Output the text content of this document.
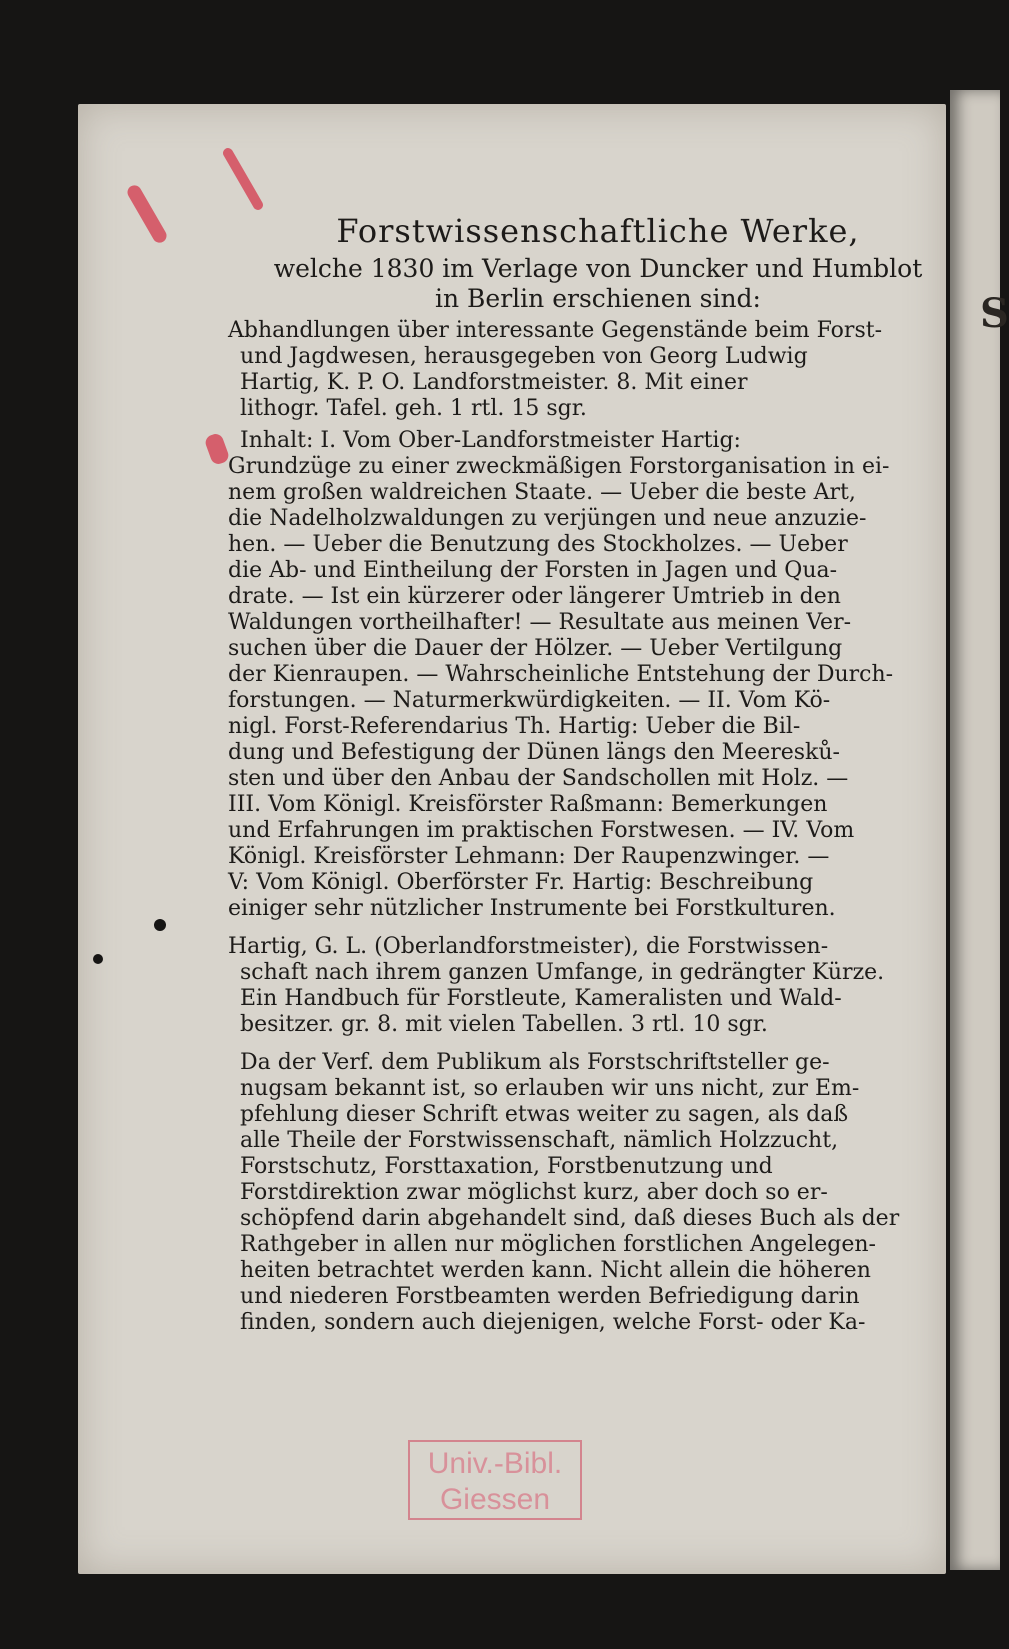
S
Forstwissenschaftliche Werke,
welche 1830 im Verlage von Duncker und Humblot
in Berlin erschienen sind:
Abhandlungen über interessante Gegenstände beim Forst-
und Jagdwesen, herausgegeben von Georg Ludwig
Hartig, K. P. O. Landforstmeister. 8. Mit einer
lithogr. Tafel. geh. 1 rtl. 15 sgr.
Inhalt: I. Vom Ober-Landforstmeister Hartig:
Grundzüge zu einer zweckmäßigen Forstorganisation in ei-
nem großen waldreichen Staate. — Ueber die beste Art,
die Nadelholzwaldungen zu verjüngen und neue anzuzie-
hen. — Ueber die Benutzung des Stockholzes. — Ueber
die Ab- und Eintheilung der Forsten in Jagen und Qua-
drate. — Ist ein kürzerer oder längerer Umtrieb in den
Waldungen vortheilhafter! — Resultate aus meinen Ver-
suchen über die Dauer der Hölzer. — Ueber Vertilgung
der Kienraupen. — Wahrscheinliche Entstehung der Durch-
forstungen. — Naturmerkwürdigkeiten. — II. Vom Kö-
nigl. Forst-Referendarius Th. Hartig: Ueber die Bil-
dung und Befestigung der Dünen längs den Meeresků-
sten und über den Anbau der Sandschollen mit Holz. —
III. Vom Königl. Kreisförster Raßmann: Bemerkungen
und Erfahrungen im praktischen Forstwesen. — IV. Vom
Königl. Kreisförster Lehmann: Der Raupenzwinger. —
V: Vom Königl. Oberförster Fr. Hartig: Beschreibung
einiger sehr nützlicher Instrumente bei Forstkulturen.
Hartig, G. L. (Oberlandforstmeister), die Forstwissen-
schaft nach ihrem ganzen Umfange, in gedrängter Kürze.
Ein Handbuch für Forstleute, Kameralisten und Wald-
besitzer. gr. 8. mit vielen Tabellen. 3 rtl. 10 sgr.
Da der Verf. dem Publikum als Forstschriftsteller ge-
nugsam bekannt ist, so erlauben wir uns nicht, zur Em-
pfehlung dieser Schrift etwas weiter zu sagen, als daß
alle Theile der Forstwissenschaft, nämlich Holzzucht,
Forstschutz, Forsttaxation, Forstbenutzung und
Forstdirektion zwar möglichst kurz, aber doch so er-
schöpfend darin abgehandelt sind, daß dieses Buch als der
Rathgeber in allen nur möglichen forstlichen Angelegen-
heiten betrachtet werden kann. Nicht allein die höheren
und niederen Forstbeamten werden Befriedigung darin
finden, sondern auch diejenigen, welche Forst- oder Ka-
Univ.-Bibl.
Giessen
